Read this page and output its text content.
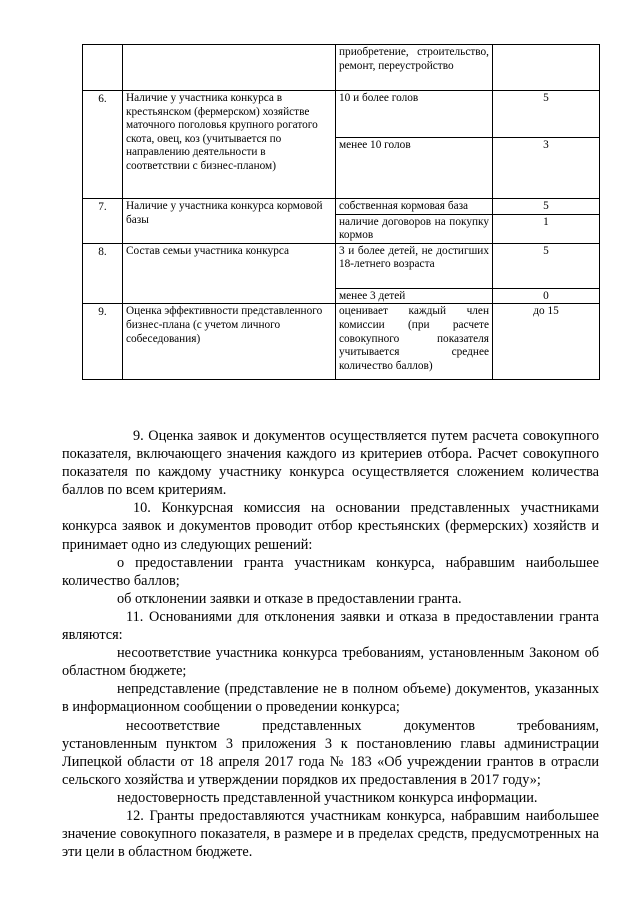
		приобретение, строительство, ремонт, переустройство	
6.	Наличие у участника конкурса в крестьянском (фермерском) хозяйстве маточного поголовья крупного рогатого скота, овец, коз (учитывается по направлению деятельности в соответствии с бизнес-планом)	10 и более голов	5
		менее 10 голов	3
7.	Наличие у участника конкурса кормовой базы	собственная кормовая база	5
		наличие договоров на покупку кормов	1
8.	Состав семьи участника конкурса	3 и более детей, не достигших 18-летнего возраста	5
		менее 3 детей	0
9.	Оценка эффективности представленного бизнес-плана (с учетом личного собеседования)	оценивает каждый член комиссии (при расчете совокупного показателя учитывается среднее количество баллов)	до 15

9. Оценка заявок и документов осуществляется путем расчета совокупного показателя, включающего значения каждого из критериев отбора. Расчет совокупного показателя по каждому участнику конкурса осуществляется сложением количества баллов по всем критериям.

10. Конкурсная комиссия на основании представленных участниками конкурса заявок и документов проводит отбор крестьянских (фермерских) хозяйств и принимает одно из следующих решений:

о предоставлении гранта участникам конкурса, набравшим наибольшее количество баллов;

об отклонении заявки и отказе в предоставлении гранта.

11. Основаниями для отклонения заявки и отказа в предоставлении гранта являются:

несоответствие участника конкурса требованиям, установленным Законом об областном бюджете;

непредставление (представление не в полном объеме) документов, указанных в информационном сообщении о проведении конкурса;

несоответствие представленных документов требованиям,

установленным пунктом 3 приложения 3 к постановлению главы администрации Липецкой области от 18 апреля 2017 года № 183 «Об учреждении грантов в отрасли сельского хозяйства и утверждении порядков их предоставления в 2017 году»;

недостоверность представленной участником конкурса информации.

12. Гранты предоставляются участникам конкурса, набравшим наибольшее значение совокупного показателя, в размере и в пределах средств, предусмотренных на эти цели в областном бюджете.
